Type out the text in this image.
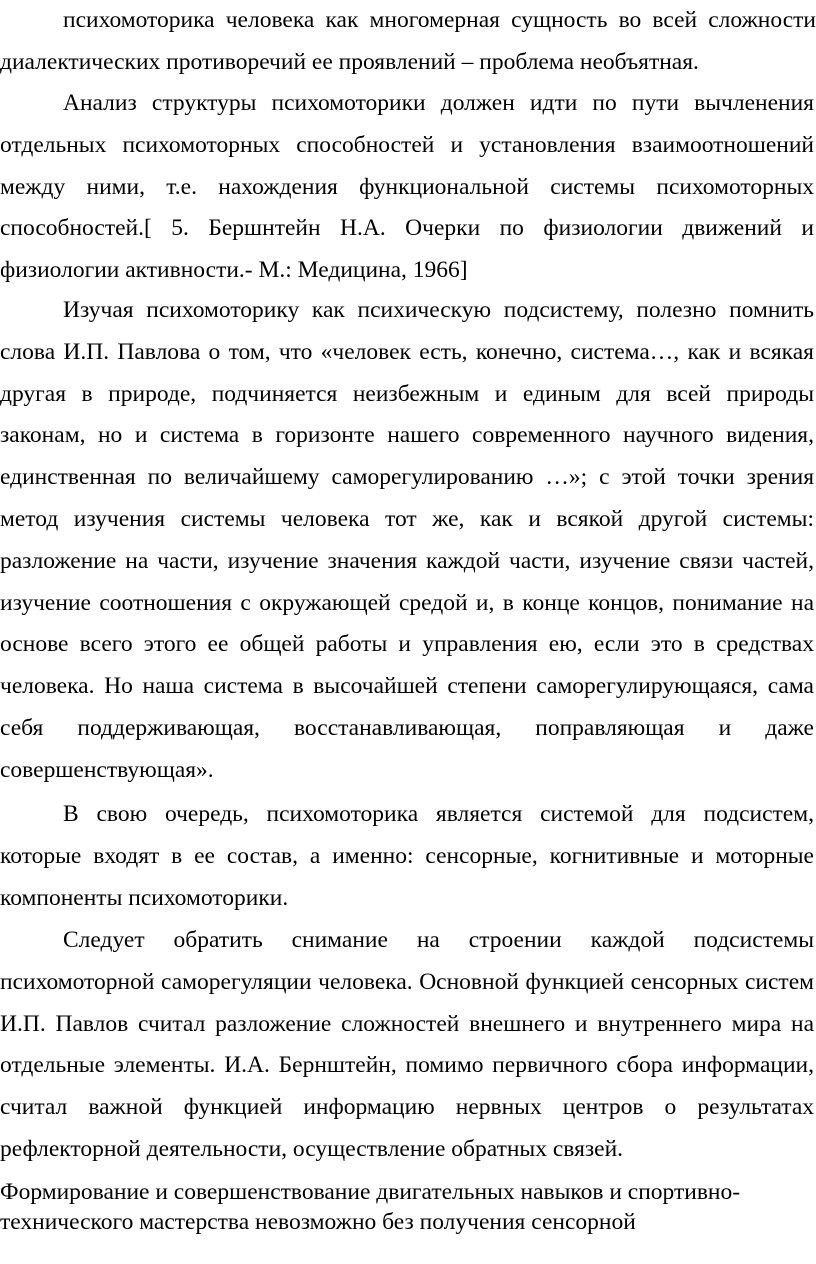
психомоторика человека как многомерная сущность во всей сложности диалектических противоречий ее проявлений – проблема необъятная.

Анализ структуры психомоторики должен идти по пути вычленения отдельных психомоторных способностей и установления взаимоотношений между ними, т.е. нахождения функциональной системы психомоторных способностей.[ 5. Бершнтейн Н.А. Очерки по физиологии движений и физиологии активности.- М.: Медицина, 1966]

Изучая психомоторику как психическую подсистему, полезно помнить слова И.П. Павлова о том, что «человек есть, конечно, система…, как и всякая другая в природе, подчиняется неизбежным и единым для всей природы законам, но и система в горизонте нашего современного научного видения, единственная по величайшему саморегулированию …»; с этой точки зрения метод изучения системы человека тот же, как и всякой другой системы: разложение на части, изучение значения каждой части, изучение связи частей, изучение соотношения с окружающей средой и, в конце концов, понимание на основе всего этого ее общей работы и управления ею, если это в средствах человека. Но наша система в высочайшей степени саморегулирующаяся, сама себя поддерживающая, восстанавливающая, поправляющая и даже совершенствующая».

В свою очередь, психомоторика является системой для подсистем, которые входят в ее состав, а именно: сенсорные, когнитивные и моторные компоненты психомоторики.

Следует обратить снимание на строении каждой подсистемы психомоторной саморегуляции человека. Основной функцией сенсорных систем И.П. Павлов считал разложение сложностей внешнего и внутреннего мира на отдельные элементы. И.А. Бернштейн, помимо первичного сбора информации, считал важной функцией информацию нервных центров о результатах рефлекторной деятельности, осуществление обратных связей.

Формирование и совершенствование двигательных навыков и спортивно-технического мастерства невозможно без получения сенсорной
